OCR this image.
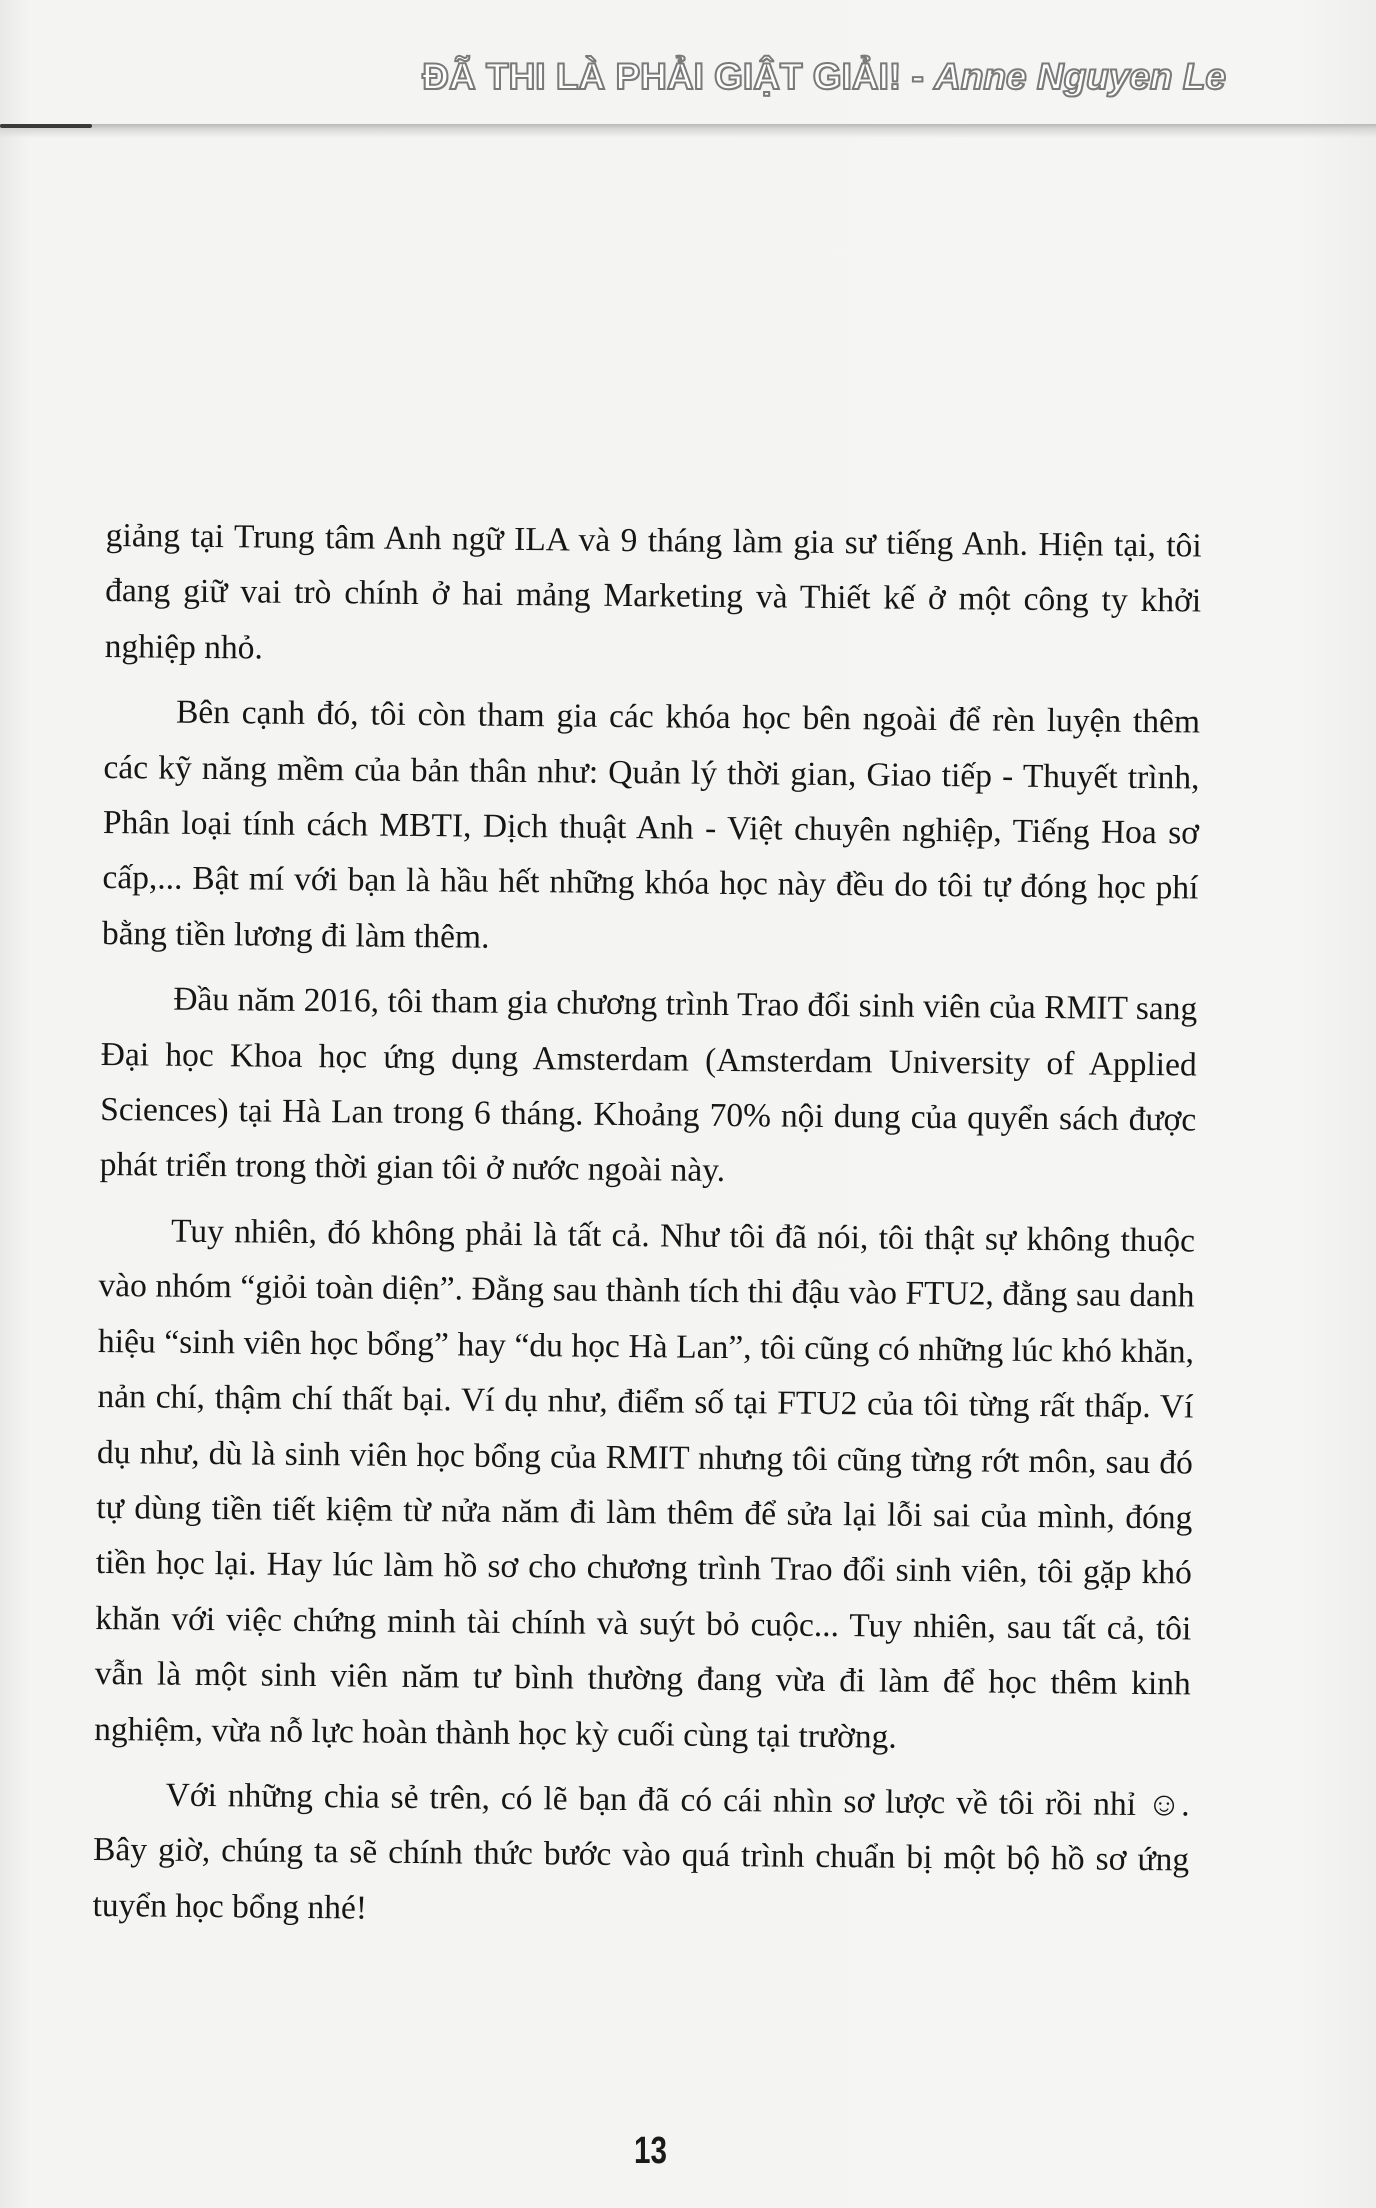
ĐÃ THI LÀ PHẢI GIẬT GIẢI! - Anne Nguyen Le

giảng tại Trung tâm Anh ngữ ILA và 9 tháng làm gia sư tiếng Anh. Hiện tại, tôi đang giữ vai trò chính ở hai mảng Marketing và Thiết kế ở một công ty khởi nghiệp nhỏ.

Bên cạnh đó, tôi còn tham gia các khóa học bên ngoài để rèn luyện thêm các kỹ năng mềm của bản thân như: Quản lý thời gian, Giao tiếp - Thuyết trình, Phân loại tính cách MBTI, Dịch thuật Anh - Việt chuyên nghiệp, Tiếng Hoa sơ cấp,... Bật mí với bạn là hầu hết những khóa học này đều do tôi tự đóng học phí bằng tiền lương đi làm thêm.

Đầu năm 2016, tôi tham gia chương trình Trao đổi sinh viên của RMIT sang Đại học Khoa học ứng dụng Amsterdam (Amsterdam University of Applied Sciences) tại Hà Lan trong 6 tháng. Khoảng 70% nội dung của quyển sách được phát triển trong thời gian tôi ở nước ngoài này.

Tuy nhiên, đó không phải là tất cả. Như tôi đã nói, tôi thật sự không thuộc vào nhóm “giỏi toàn diện”. Đằng sau thành tích thi đậu vào FTU2, đằng sau danh hiệu “sinh viên học bổng” hay “du học Hà Lan”, tôi cũng có những lúc khó khăn, nản chí, thậm chí thất bại. Ví dụ như, điểm số tại FTU2 của tôi từng rất thấp. Ví dụ như, dù là sinh viên học bổng của RMIT nhưng tôi cũng từng rớt môn, sau đó tự dùng tiền tiết kiệm từ nửa năm đi làm thêm để sửa lại lỗi sai của mình, đóng tiền học lại. Hay lúc làm hồ sơ cho chương trình Trao đổi sinh viên, tôi gặp khó khăn với việc chứng minh tài chính và suýt bỏ cuộc... Tuy nhiên, sau tất cả, tôi vẫn là một sinh viên năm tư bình thường đang vừa đi làm để học thêm kinh nghiệm, vừa nỗ lực hoàn thành học kỳ cuối cùng tại trường.

Với những chia sẻ trên, có lẽ bạn đã có cái nhìn sơ lược về tôi rồi nhỉ ☺. Bây giờ, chúng ta sẽ chính thức bước vào quá trình chuẩn bị một bộ hồ sơ ứng tuyển học bổng nhé!

13
